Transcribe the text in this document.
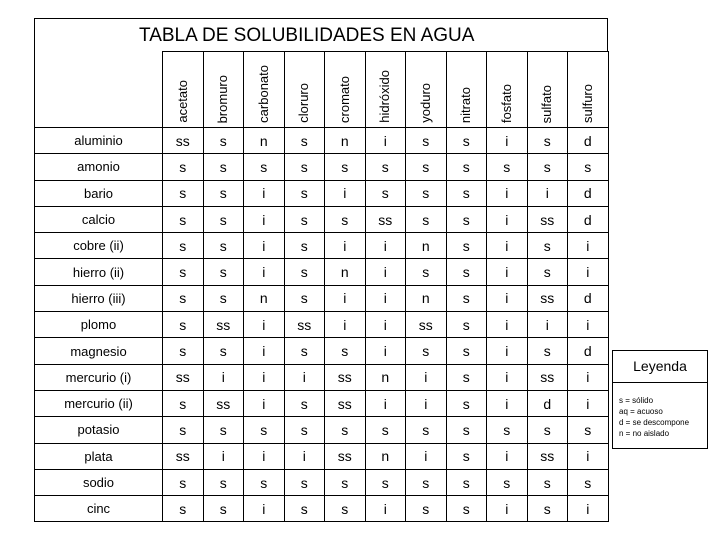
TABLA DE SOLUBILIDADES EN AGUA

	acetato	bromuro	carbonato	cloruro	cromato	hidróxido	yoduro	nitrato	fosfato	sulfato	sulfuro

aluminio	ss	s	n	s	n	i	s	s	i	s	d
amonio	s	s	s	s	s	s	s	s	s	s	s
bario	s	s	i	s	i	s	s	s	i	i	d
calcio	s	s	i	s	s	ss	s	s	i	ss	d
cobre (ii)	s	s	i	s	i	i	n	s	i	s	i
hierro (ii)	s	s	i	s	n	i	s	s	i	s	i
hierro (iii)	s	s	n	s	i	i	n	s	i	ss	d
plomo	s	ss	i	ss	i	i	ss	s	i	i	i
magnesio	s	s	i	s	s	i	s	s	i	s	d
mercurio (i)	ss	i	i	i	ss	n	i	s	i	ss	i
mercurio (ii)	s	ss	i	s	ss	i	i	s	i	d	i
potasio	s	s	s	s	s	s	s	s	s	s	s
plata	ss	i	i	i	ss	n	i	s	i	ss	i
sodio	s	s	s	s	s	s	s	s	s	s	s
cinc	s	s	i	s	s	i	s	s	i	s	i
Leyenda
s = sólido
aq = acuoso
d = se descompone
n = no aislado
